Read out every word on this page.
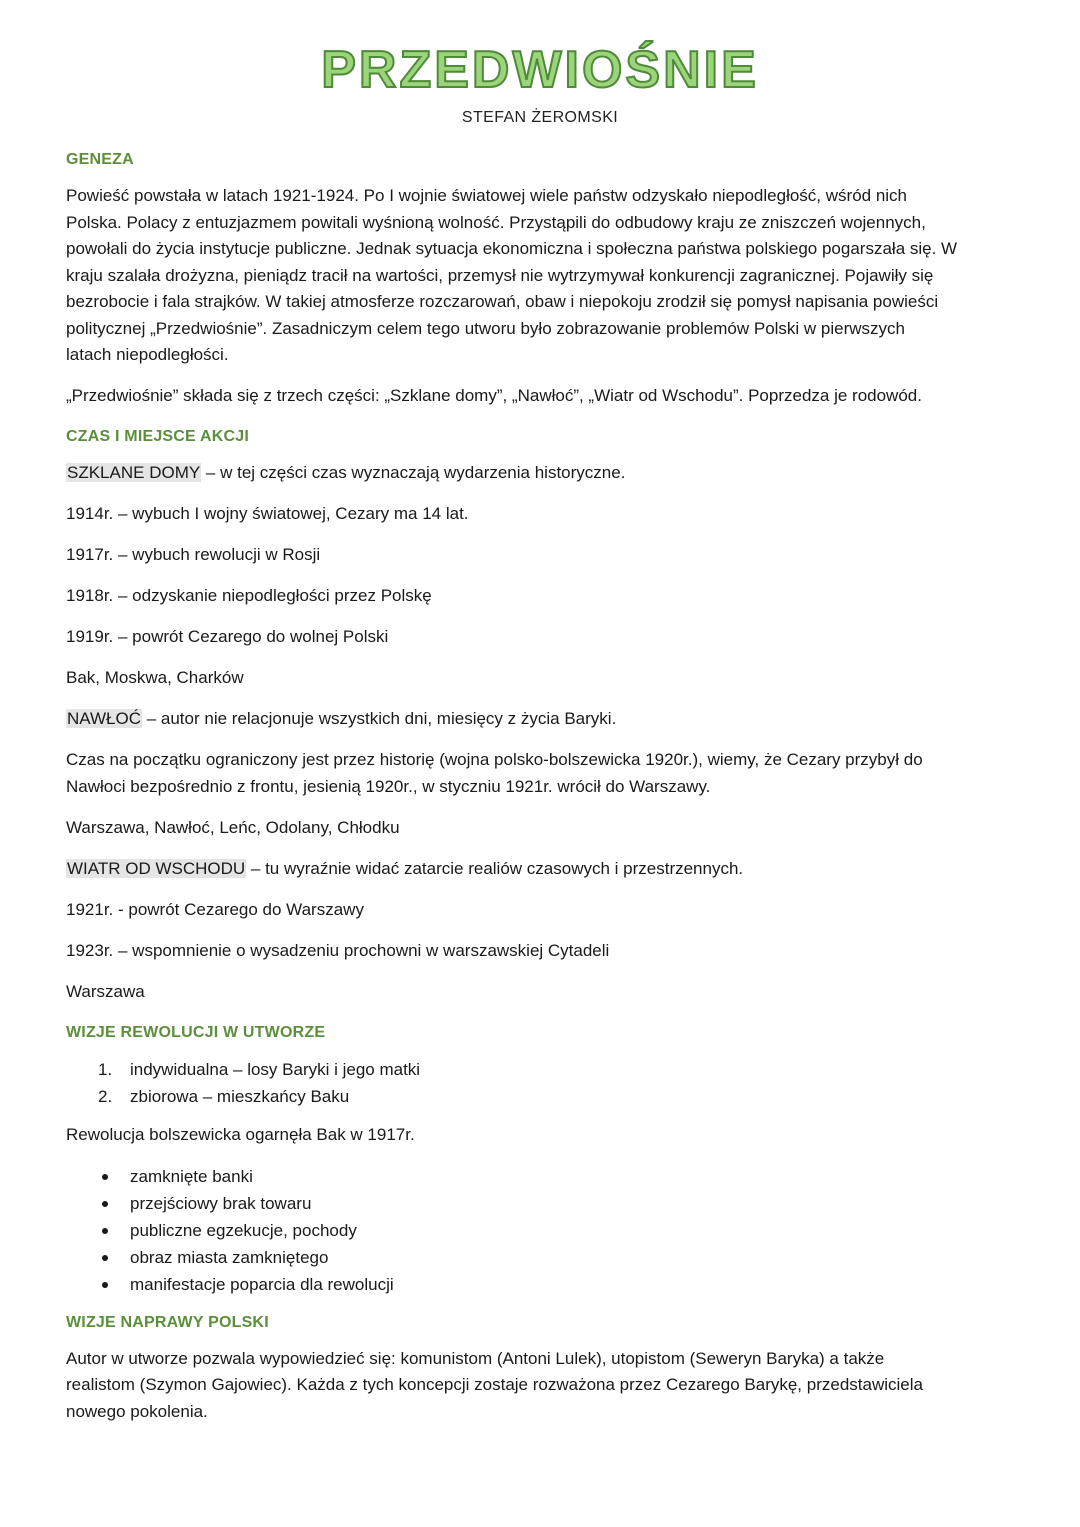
PRZEDWIOŚNIE
STEFAN ŻEROMSKI
GENEZA

Powieść powstała w latach 1921-1924. Po I wojnie światowej wiele państw odzyskało niepodległość, wśród nich
Polska. Polacy z entuzjazmem powitali wyśnioną wolność. Przystąpili do odbudowy kraju ze zniszczeń wojennych,
powołali do życia instytucje publiczne. Jednak sytuacja ekonomiczna i społeczna państwa polskiego pogarszała się. W
kraju szalała drożyzna, pieniądz tracił na wartości, przemysł nie wytrzymywał konkurencji zagranicznej. Pojawiły się
bezrobocie i fala strajków. W takiej atmosferze rozczarowań, obaw i niepokoju zrodził się pomysł napisania powieści
politycznej „Przedwiośnie”. Zasadniczym celem tego utworu było zobrazowanie problemów Polski w pierwszych
latach niepodległości.

„Przedwiośnie” składa się z trzech części: „Szklane domy”, „Nawłoć”, „Wiatr od Wschodu”. Poprzedza je rodowód.

CZAS I MIEJSCE AKCJI

SZKLANE DOMY – w tej części czas wyznaczają wydarzenia historyczne.

1914r. – wybuch I wojny światowej, Cezary ma 14 lat.

1917r. – wybuch rewolucji w Rosji

1918r. – odzyskanie niepodległości przez Polskę

1919r. – powrót Cezarego do wolnej Polski

Bak, Moskwa, Charków

NAWŁOĆ – autor nie relacjonuje wszystkich dni, miesięcy z życia Baryki.

Czas na początku ograniczony jest przez historię (wojna polsko-bolszewicka 1920r.), wiemy, że Cezary przybył do
Nawłoci bezpośrednio z frontu, jesienią 1920r., w styczniu 1921r. wrócił do Warszawy.

Warszawa, Nawłoć, Leńc, Odolany, Chłodku

WIATR OD WSCHODU – tu wyraźnie widać zatarcie realiów czasowych i przestrzennych.

1921r. - powrót Cezarego do Warszawy

1923r. – wspomnienie o wysadzeniu prochowni w warszawskiej Cytadeli

Warszawa

WIZJE REWOLUCJI W UTWORZE
1.	indywidualna – losy Baryki i jego matki
2.	zbiorowa – mieszkańcy Baku

Rewolucja bolszewicka ogarnęła Bak w 1917r.

zamknięte banki
przejściowy brak towaru
publiczne egzekucje, pochody
obraz miasta zamkniętego
manifestacje poparcia dla rewolucji
WIZJE NAPRAWY POLSKI

Autor w utworze pozwala wypowiedzieć się: komunistom (Antoni Lulek), utopistom (Seweryn Baryka) a także
realistom (Szymon Gajowiec). Każda z tych koncepcji zostaje rozważona przez Cezarego Barykę, przedstawiciela
nowego pokolenia.
